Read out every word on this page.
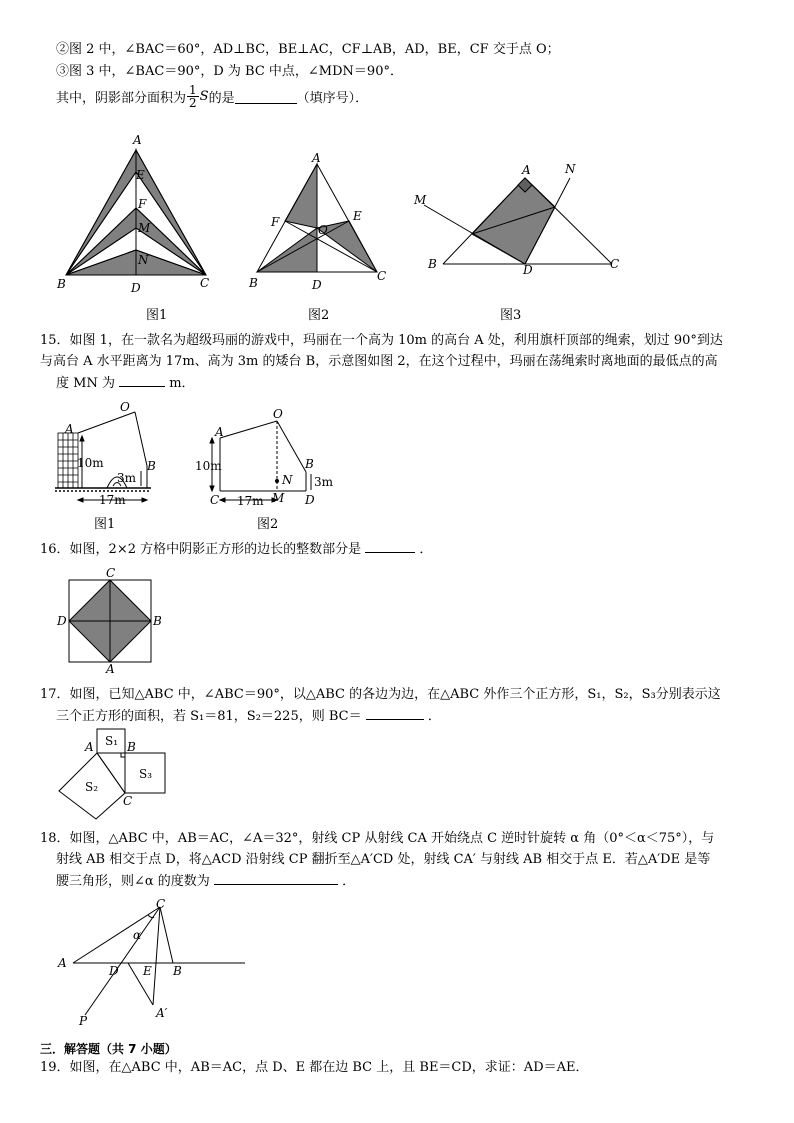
②图 2 中，∠BAC＝60°，AD⊥BC，BE⊥AC，CF⊥AB，AD，BE，CF 交于点 O；
③图 3 中，∠BAC＝90°，D 为 BC 中点，∠MDN＝90°．
其中，阴影部分面积为 $\frac{1}{2}$ S 的是	（填序号）．
A
E
F
M
N
B	D	C
图1
A
F	E
O
B	D
C
图2
A	N
M
B	D	C
图3
15．如图 1，在一款名为超级玛丽的游戏中，玛丽在一个高为 10m 的高台 A 处，利用旗杆顶部的绳索，划过 90°到达
与高台 A 水平距离为 17m、高为 3m 的矮台 B，示意图如图 2，在这个过程中，玛丽在荡绳索时离地面的最低点的高
度 MN 为	m．
O
A
B
10m
3m
17m
图1
O
A
B
N
C	M D
10m
3m
17m
图2
16．如图，2×2 方格中阴影正方形的边长的整数部分是	．
C
D	B
A
17．如图，已知△ABC 中，∠ABC＝90°，以△ABC 的各边为边，在△ABC 外作三个正方形，S₁，S₂，S₃分别表示这
三个正方形的面积，若 S₁＝81，S₂＝225，则 BC＝	．
A	B
C
S₁
S₂
S₃
18．如图，△ABC 中，AB＝AC，∠A＝32°，射线 CP 从射线 CA 开始绕点 C 逆时针旋转 α 角（0°＜α＜75°），与
射线 AB 相交于点 D，将△ACD 沿射线 CP 翻折至△A′CD 处，射线 CA′ 与射线 AB 相交于点 E．若△A′DE 是等
腰三角形，则∠α 的度数为	．
C
α
A
D E B
A′
P
三．解答题（共 7 小题）
19．如图，在△ABC 中，AB＝AC，点 D、E 都在边 BC 上，且 BE＝CD，求证：AD＝AE．
